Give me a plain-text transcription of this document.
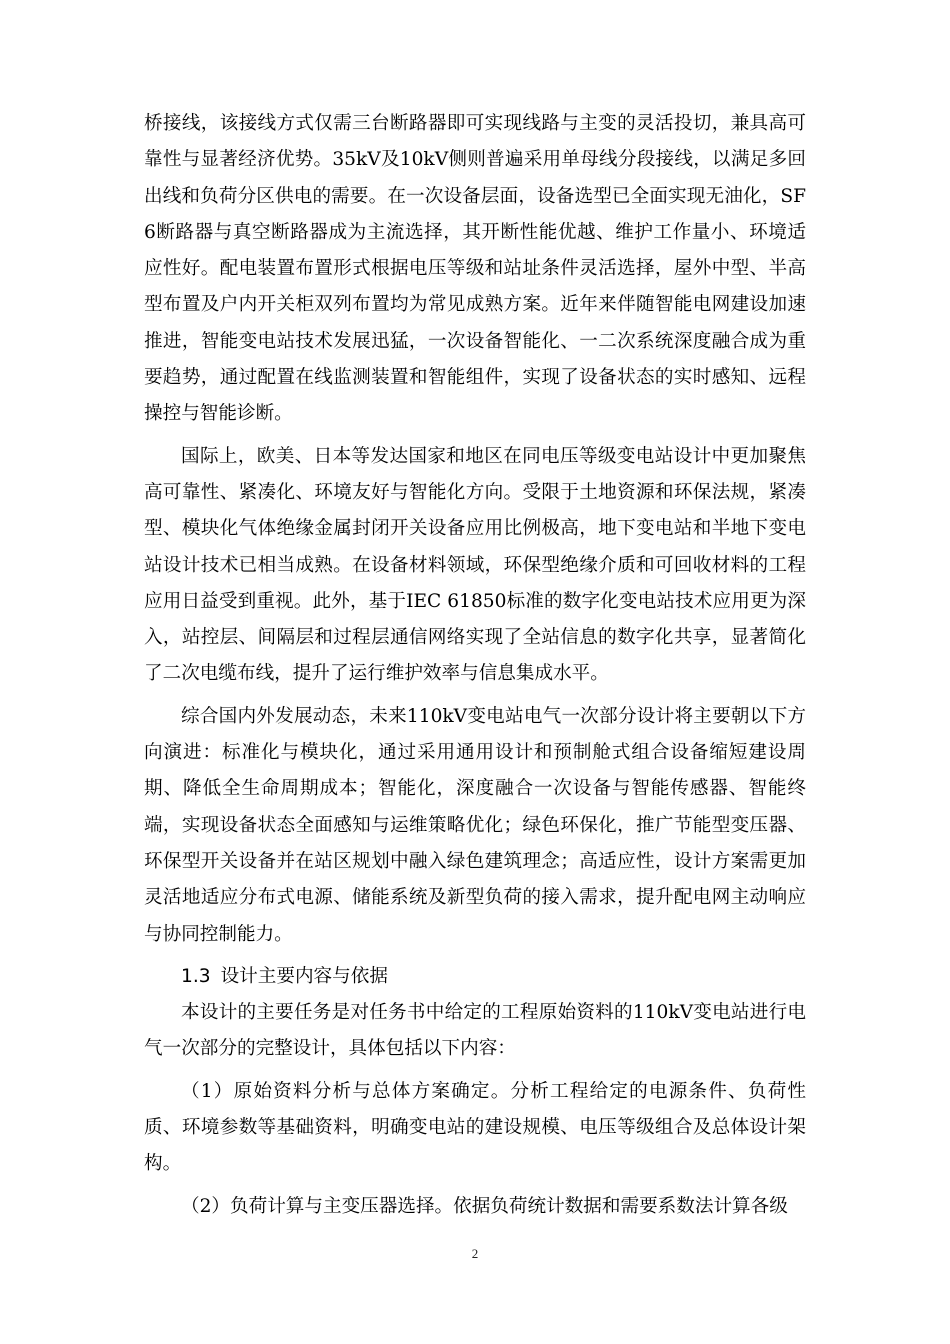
桥接线，该接线方式仅需三台断路器即可实现线路与主变的灵活投切，兼具高可靠性与显著经济优势。35kV及10kV侧则普遍采用单母线分段接线，以满足多回出线和负荷分区供电的需要。在一次设备层面，设备选型已全面实现无油化，SF6断路器与真空断路器成为主流选择，其开断性能优越、维护工作量小、环境适应性好。配电装置布置形式根据电压等级和站址条件灵活选择，屋外中型、半高型布置及户内开关柜双列布置均为常见成熟方案。近年来伴随智能电网建设加速推进，智能变电站技术发展迅猛，一次设备智能化、一二次系统深度融合成为重要趋势，通过配置在线监测装置和智能组件，实现了设备状态的实时感知、远程操控与智能诊断。

国际上，欧美、日本等发达国家和地区在同电压等级变电站设计中更加聚焦高可靠性、紧凑化、环境友好与智能化方向。受限于土地资源和环保法规，紧凑型、模块化气体绝缘金属封闭开关设备应用比例极高，地下变电站和半地下变电站设计技术已相当成熟。在设备材料领域，环保型绝缘介质和可回收材料的工程应用日益受到重视。此外，基于IEC 61850标准的数字化变电站技术应用更为深入，站控层、间隔层和过程层通信网络实现了全站信息的数字化共享，显著简化了二次电缆布线，提升了运行维护效率与信息集成水平。

综合国内外发展动态，未来110kV变电站电气一次部分设计将主要朝以下方向演进：标准化与模块化，通过采用通用设计和预制舱式组合设备缩短建设周期、降低全生命周期成本；智能化，深度融合一次设备与智能传感器、智能终端，实现设备状态全面感知与运维策略优化；绿色环保化，推广节能型变压器、环保型开关设备并在站区规划中融入绿色建筑理念；高适应性，设计方案需更加灵活地适应分布式电源、储能系统及新型负荷的接入需求，提升配电网主动响应与协同控制能力。

1.3 设计主要内容与依据

本设计的主要任务是对任务书中给定的工程原始资料的110kV变电站进行电气一次部分的完整设计，具体包括以下内容：

（1）原始资料分析与总体方案确定。分析工程给定的电源条件、负荷性质、环境参数等基础资料，明确变电站的建设规模、电压等级组合及总体设计架构。

（2）负荷计算与主变压器选择。依据负荷统计数据和需要系数法计算各级

2
